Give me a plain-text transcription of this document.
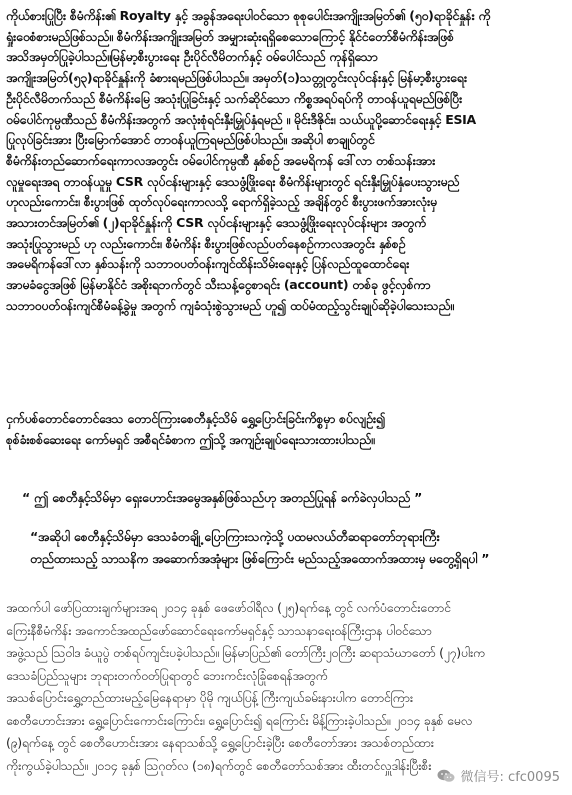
ကိုယ်စားပြုပြီး စီမံကိန်း၏ Royalty နှင့် အခွန်အရေးပါဝင်သော စုစုပေါင်းအကျိုးအမြတ်၏ (၅၀)ရာခိုင်နှုန်း ကို
ရှုံးဝေစံစားမည်ဖြစ်သည်။ စီမံကိန်းအကျိုးအမြတ် အမျှားဆုံးရရှိစေသောကြောင့် နိုင်ငံတော်စီမံကိန်းအဖြစ်
အသိအမှတ်ပြုခဲ့ပါသည်။မြန်မာ့စီးပွားရေး ဦးပိုင်လီမိတက်နှင့် ဝမ်ပေါင်သည် ကုန်ရှိသော
အကျိုးအမြတ်(၅၃)ရာခိုင်နှုန်းကို ခံစားရမည်ဖြစ်ပါသည်။ အမှတ်(၁)သတ္တုတွင်းလုပ်ငန်းနှင့် မြန်မာ့စီးပွားရေး
ဦးပိုင်လီမိတက်သည် စီမံကိန်းမြေ အသုံးပြုခြင်းနှင့် သက်ဆိုင်သော ကိစ္စအရပ်ရပ်ကို တာဝန်ယူရမည်ဖြစ်ပြီး
ဝမ်ပေါင်ကုမ္ပဏီသည် စီမံကိန်းအတွက် အလုံးစုံရင်းနှီးမြှုပ်နှံရမည် ။ မိုင်းဒီဇိုင်း၊ သယ်ယူပို့ဆောင်ရေးနှင့် ESIA
ပြုလုပ်ခြင်းအား ပြီးမြောက်အောင် တာဝန်ယူကြရမည်ဖြစ်ပါသည်။ အဆိုပါ စာချုပ်တွင်
စီမံကိန်းတည်ဆောက်ရေးကာလအတွင်း ဝမ်ပေါင်ကုမ္ပဏီ နှစ်စဉ် အမေရိကန် ဒေါ်လာ တစ်သန်းအား
လူမှုရေးအရ တာဝန်ယူမှု CSR လုပ်ငန်းများနှင့် ဒေသဖွံ့ဖြိုးရေး စီမံကိန်းများတွင် ရင်းနှီးမြှုပ်နှံပေးသွားမည်
ဟုလည်းကောင်း၊ စီးပွားဖြစ် ထုတ်လုပ်ရေးကာလသို့ ရောက်ရှိခဲ့သည့် အချိန်တွင် စီးပွားဖက်အားလုံးမှ
အသားတင်အမြတ်၏ (၂)ရာခိုင်နှုန်းကို CSR လုပ်ငန်းများနှင့် ဒေသဖွံ့ဖြိုးရေးလုပ်ငန်းများ အတွက်
အသုံးပြုသွားမည် ဟု လည်းကောင်း၊ စီမံကိန်း စီးပွားဖြစ်လည်ပတ်နေစဉ်ကာလအတွင်း နှစ်စဉ်
အမေရိကန်ဒေါ်လာ နှစ်သန်းကို သဘာဝပတ်ဝန်းကျင်ထိန်းသိမ်းရေးနှင့် ပြန်လည်ထူထောင်ရေး
အာမခံငွေအဖြစ် မြန်မာနိုင်ငံ အစိုးရဘက်တွင် သီးသန့်ငွေစာရင်း (account) တစ်ခု ဖွင့်လှစ်ကာ
သဘာဝပတ်ဝန်းကျင်စီမံခန့်ခွဲမှု အတွက် ကျခံသုံးစွဲသွားမည် ဟူ၍ ထပ်မံထည့်သွင်းချုပ်ဆိုခဲ့ပါသေးသည်။
ငှက်ပစ်တောင်တောင်ဒေသ တောင်ကြားစေတီနှင့်သိမ် ရွှေ့ပြောင်းခြင်းကိစ္စမှာ စပ်လျဉ်း၍
စုစ်ခံးစစ်ဆေးရေး ကော်မရှင် အစီရင်ခံစာက ဤသို့ အကျဉ်းချုပ်ရေးသားထားပါသည်။
“ ဤ စေတီနှင့်သိမ်မှာ ရှေးဟောင်းအမွေအနှစ်ဖြစ်သည်ဟု အတည်ပြုရန် ခက်ခဲလှပါသည် ”
“အဆိုပါ စေတီနှင့်သိမ်မှာ ဒေသခံတချို့ ပြောကြားသကဲ့သို့ ပထမလယ်တီဆရာတော်ဘုရားကြီး
တည်ထားသည့် သာသနိက အဆောက်အအုံများ ဖြစ်ကြောင်း မည်သည့်အထောက်အထားမှ မတွေ့ရှိရပါ ”
အထက်ပါ ဖော်ပြထားချက်များအရ ၂၀၁၄ ခုနှစ် ဖေဖော်ဝါရီလ (၂၅)ရက်နေ့ တွင် လက်ပံတောင်းတောင်
ကြေးနီစီမံကိန်း အကောင်အထည်ဖော်ဆောင်ရေးကော်မရှင်နှင့် သာသနာရေးဝန်ကြီးဌာန ပါဝင်သော
အဖွဲ့သည် ဩဝါဒ ခံယူပွဲ တစ်ရပ်ကျင်းပခဲ့ပါသည်။ မြန်မာပြည်၏ တော်ကြီး၂ဝကြီး ဆရာသံဃာတော် (၂၇)ပါးက
ဒေသခံပြည်သူများ ဘုရားတက်ဝတ်ပြုရာတွင် ဘေးကင်းလုံခြုံစေရန်အတွက်
အသစ်ပြောင်းရွှေ့တည်ထားမည့်မြေနေရာမှာ ပိုမို ကျယ်ပြန့် ကြီးကျယ်ခမ်းနားပါက တောင်ကြား
စေတီဟောင်းအား ရွှေ့ပြောင်းကောင်းကြောင်း၊ ရွှေ့ပြောင်း၍ ရကြောင်း မိန့်ကြားခဲ့ပါသည်။ ၂၀၁၄ ခုနှစ် မေလ
(၉)ရက်နေ့ တွင် စေတီဟောင်းအား နေရာသစ်သို့ ရွှေ့ပြောင်းခဲ့ပြီး စေတီတော်အား အသစ်တည်ထား
ကိုးကွယ်ခဲ့ပါသည်။ ၂၀၁၄ ခုနှစ် ဩဂုတ်လ (၁၈)ရက်တွင် စေတီတော်သစ်အား ထီးတင်လှူဒါန်းပြီးစီး
微信号: cfc0095
